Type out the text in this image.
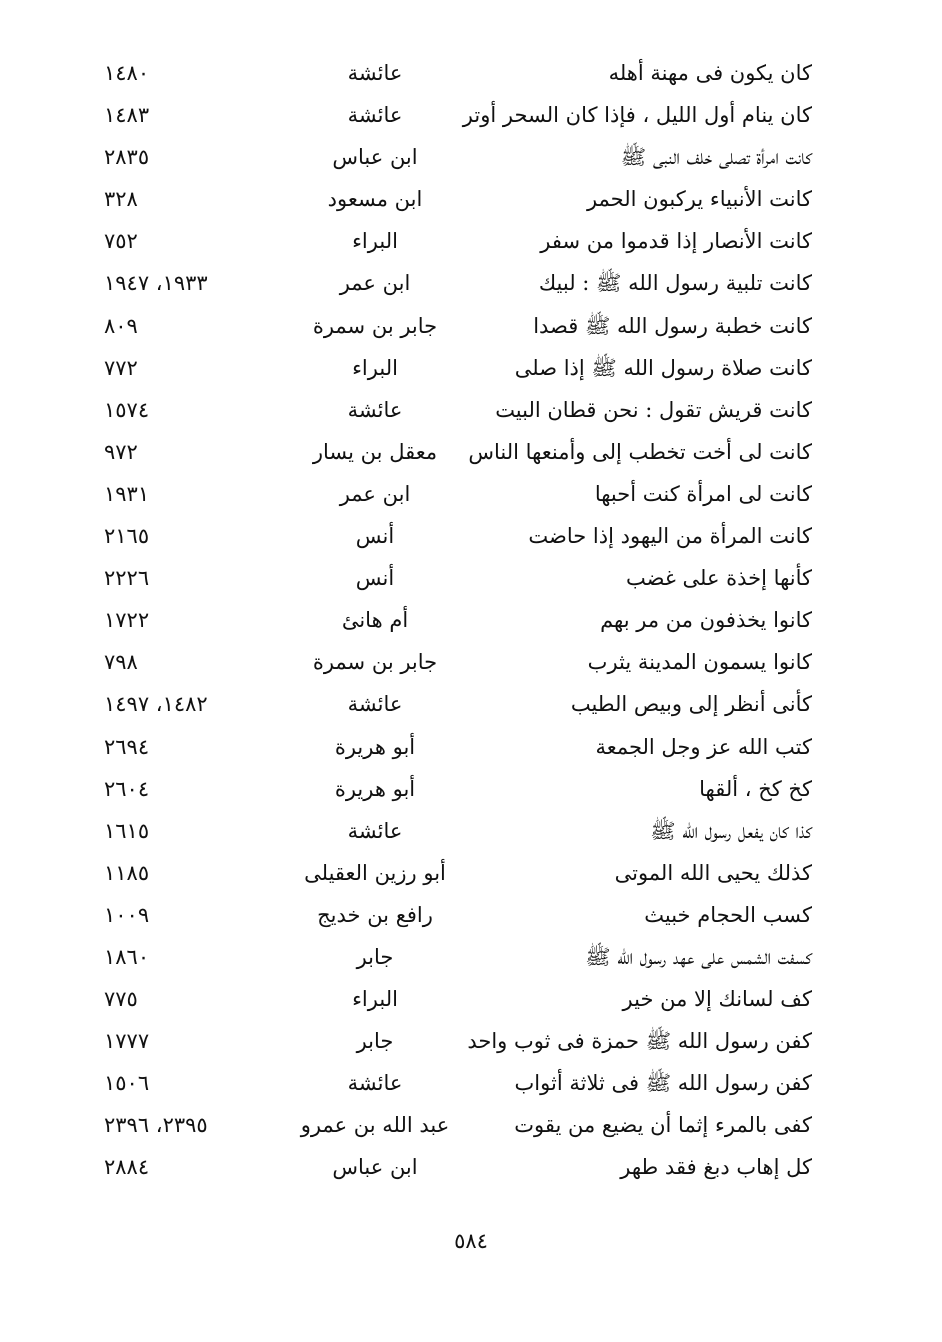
كان يكون فى مهنة أهله
عائشة
١٤٨٠
كان ينام أول الليل ، فإذا كان السحر أوتر
عائشة
١٤٨٣
كانت امرأة تصلى خلف النبى ﷺ
ابن عباس
٢٨٣٥
كانت الأنبياء يركبون الحمر
ابن مسعود
٣٢٨
كانت الأنصار إذا قدموا من سفر
البراء
٧٥٢
كانت تلبية رسول الله ﷺ : لبيك
ابن عمر
١٩٣٣، ١٩٤٧
كانت خطبة رسول الله ﷺ قصدا
جابر بن سمرة
٨٠٩
كانت صلاة رسول الله ﷺ إذا صلى
البراء
٧٧٢
كانت قريش تقول : نحن قطان البيت
عائشة
١٥٧٤
كانت لى أخت تخطب إلى وأمنعها الناس
معقل بن يسار
٩٧٢
كانت لى امرأة كنت أحبها
ابن عمر
١٩٣١
كانت المرأة من اليهود إذا حاضت
أنس
٢١٦٥
كأنها إخذة على غضب
أنس
٢٢٢٦
كانوا يخذفون من مر بهم
أم هانئ
١٧٢٢
كانوا يسمون المدينة يثرب
جابر بن سمرة
٧٩٨
كأنى أنظر إلى وبيص الطيب
عائشة
١٤٨٢، ١٤٩٧
كتب الله عز وجل الجمعة
أبو هريرة
٢٦٩٤
كخ كخ ، ألقها
أبو هريرة
٢٦٠٤
كذا كان يفعل رسول الله ﷺ
عائشة
١٦١٥
كذلك يحيى الله الموتى
أبو رزين العقيلى
١١٨٥
كسب الحجام خبيث
رافع بن خديج
١٠٠٩
كسفت الشمس على عهد رسول الله ﷺ
جابر
١٨٦٠
كف لسانك إلا من خير
البراء
٧٧٥
كفن رسول الله ﷺ حمزة فى ثوب واحد
جابر
١٧٧٧
كفن رسول الله ﷺ فى ثلاثة أثواب
عائشة
١٥٠٦
كفى بالمرء إثما أن يضيع من يقوت
عبد الله بن عمرو
٢٣٩٥، ٢٣٩٦
كل إهاب دبغ فقد طهر
ابن عباس
٢٨٨٤
٥٨٤
